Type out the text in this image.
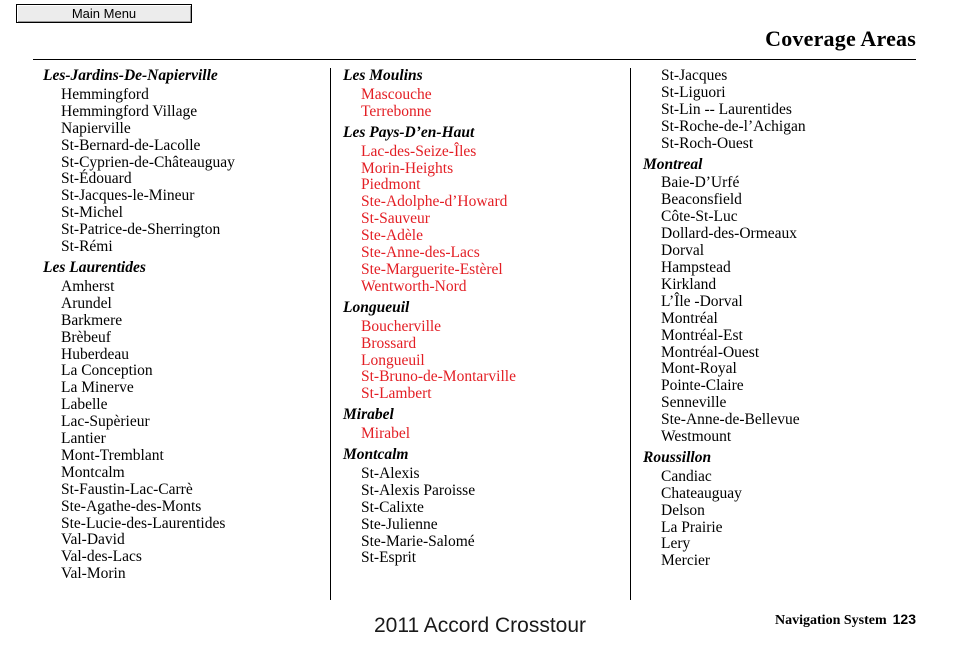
Main Menu
Coverage Areas
Les-Jardins-De-Napierville
Hemmingford
Hemmingford Village
Napierville
St-Bernard-de-Lacolle
St-Cyprien-de-Châteauguay
St-Édouard
St-Jacques-le-Mineur
St-Michel
St-Patrice-de-Sherrington
St-Rémi
Les Laurentides
Amherst
Arundel
Barkmere
Brèbeuf
Huberdeau
La Conception
La Minerve
Labelle
Lac-Supèrieur
Lantier
Mont-Tremblant
Montcalm
St-Faustin-Lac-Carrè
Ste-Agathe-des-Monts
Ste-Lucie-des-Laurentides
Val-David
Val-des-Lacs
Val-Morin
Les Moulins
Mascouche
Terrebonne
Les Pays-D’en-Haut
Lac-des-Seize-Îles
Morin-Heights
Piedmont
Ste-Adolphe-d’Howard
St-Sauveur
Ste-Adèle
Ste-Anne-des-Lacs
Ste-Marguerite-Estèrel
Wentworth-Nord
Longueuil
Boucherville
Brossard
Longueuil
St-Bruno-de-Montarville
St-Lambert
Mirabel
Mirabel
Montcalm
St-Alexis
St-Alexis Paroisse
St-Calixte
Ste-Julienne
Ste-Marie-Salomé
St-Esprit
St-Jacques
St-Liguori
St-Lin -- Laurentides
St-Roche-de-l’Achigan
St-Roch-Ouest
Montreal
Baie-D’Urfé
Beaconsfield
Côte-St-Luc
Dollard-des-Ormeaux
Dorval
Hampstead
Kirkland
L’Île -Dorval
Montréal
Montréal-Est
Montréal-Ouest
Mont-Royal
Pointe-Claire
Senneville
Ste-Anne-de-Bellevue
Westmount
Roussillon
Candiac
Chateauguay
Delson
La Prairie
Lery
Mercier
Navigation System 123
2011 Accord Crosstour
